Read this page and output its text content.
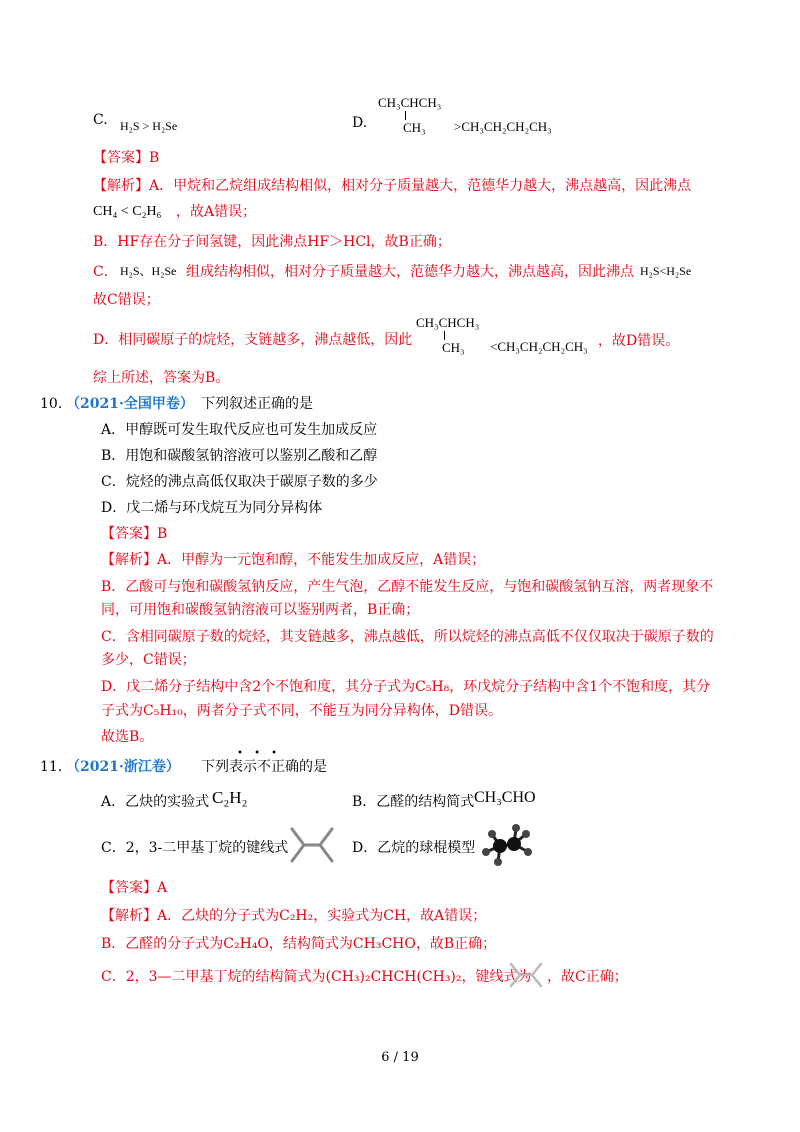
C. H₂S > H₂Se	D.
CH₃CHCH₃
CH₃ >CH₃CH₂CH₂CH₃
【答案】B
【解析】A．甲烷和乙烷组成结构相似，相对分子质量越大，范德华力越大，沸点越高，因此沸点
CH₄ < C₂H₆ ，故A错误；
B．HF存在分子间氢键，因此沸点HF＞HCl，故B正确；
C． H₂S、H₂Se 组成结构相似，相对分子质量越大，范德华力越大，沸点越高，因此沸点 H₂S<H₂Se
故C错误；
D．相同碳原子的烷烃，支链越多，沸点越低，因此
CH₃CHCH₃
CH₃ <CH₃CH₂CH₂CH₃ ，故D错误。
综上所述，答案为B。
10. （2021·全国甲卷） 下列叙述正确的是
A．甲醇既可发生取代反应也可发生加成反应
B．用饱和碳酸氢钠溶液可以鉴别乙酸和乙醇
C．烷烃的沸点高低仅取决于碳原子数的多少
D．戊二烯与环戊烷互为同分异构体
【答案】B
【解析】A．甲醇为一元饱和醇，不能发生加成反应，A错误；
B．乙酸可与饱和碳酸氢钠反应，产生气泡，乙醇不能发生反应，与饱和碳酸氢钠互溶，两者现象不
同，可用饱和碳酸氢钠溶液可以鉴别两者，B正确；
C．含相同碳原子数的烷烃，其支链越多，沸点越低，所以烷烃的沸点高低不仅仅取决于碳原子数的
多少，C错误；
D．戊二烯分子结构中含2个不饱和度，其分子式为C₅H₈，环戊烷分子结构中含1个不饱和度，其分
子式为C₅H₁₀，两者分子式不同，不能互为同分异构体，D错误。
故选B。
• • •
11. （2021·浙江卷） 下列表示不正确的是
A．乙炔的实验式 C₂H₂	B．乙醛的结构简式 CH₃CHO
C．2，3-二甲基丁烷的键线式	D．乙烷的球棍模型
【答案】A
【解析】A．乙炔的分子式为C₂H₂，实验式为CH，故A错误；
B．乙醛的分子式为C₂H₄O，结构简式为CH₃CHO，故B正确；
C．2，3—二甲基丁烷的结构简式为(CH₃)₂CHCH(CH₃)₂，键线式为 ，故C正确；
6 / 19
